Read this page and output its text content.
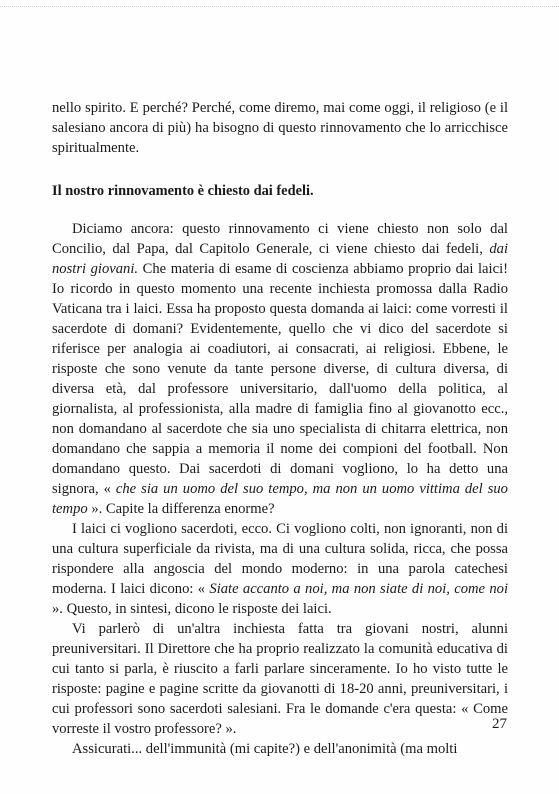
nello spirito. E perché? Perché, come diremo, mai come oggi, il religioso (e il salesiano ancora di più) ha bisogno di questo rinnovamento che lo arricchisce spiritualmente.

Il nostro rinnovamento è chiesto dai fedeli.

Diciamo ancora: questo rinnovamento ci viene chiesto non solo dal Concilio, dal Papa, dal Capitolo Generale, ci viene chiesto dai fedeli, dai nostri giovani. Che materia di esame di coscienza abbiamo proprio dai laici! Io ricordo in questo momento una recente inchiesta promossa dalla Radio Vaticana tra i laici. Essa ha proposto questa domanda ai laici: come vorresti il sacerdote di domani? Evidentemente, quello che vi dico del sacerdote si riferisce per analogia ai coadiutori, ai consacrati, ai religiosi. Ebbene, le risposte che sono venute da tante persone diverse, di cultura diversa, di diversa età, dal professore universitario, dall'uomo della politica, al giornalista, al professionista, alla madre di famiglia fino al giovanotto ecc., non domandano al sacerdote che sia uno specialista di chitarra elettrica, non domandano che sappia a memoria il nome dei compioni del football. Non domandano questo. Dai sacerdoti di domani vogliono, lo ha detto una signora, « che sia un uomo del suo tempo, ma non un uomo vittima del suo tempo ». Capite la differenza enorme?

I laici ci vogliono sacerdoti, ecco. Ci vogliono colti, non ignoranti, non di una cultura superficiale da rivista, ma di una cultura solida, ricca, che possa rispondere alla angoscia del mondo moderno: in una parola catechesi moderna. I laici dicono: « Siate accanto a noi, ma non siate di noi, come noi ». Questo, in sintesi, dicono le risposte dei laici.

Vi parlerò di un'altra inchiesta fatta tra giovani nostri, alunni preuniversitari. Il Direttore che ha proprio realizzato la comunità educativa di cui tanto si parla, è riuscito a farli parlare sinceramente. Io ho visto tutte le risposte: pagine e pagine scritte da giovanotti di 18-20 anni, preuniversitari, i cui professori sono sacerdoti salesiani. Fra le domande c'era questa: « Come vorreste il vostro professore? ».

Assicurati... dell'immunità (mi capite?) e dell'anonimità (ma molti

27
